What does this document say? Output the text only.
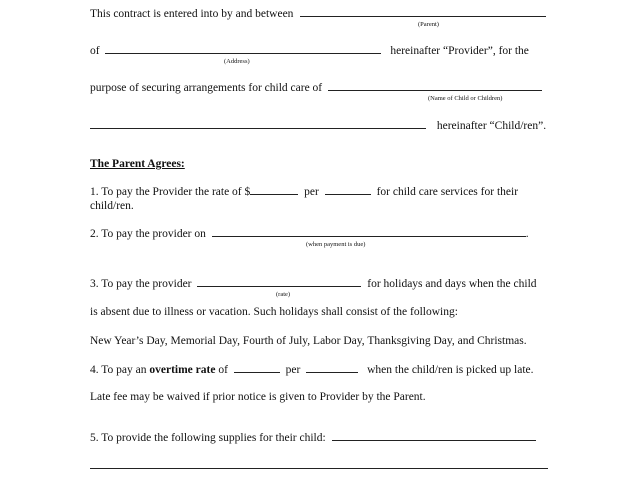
This contract is entered into by and between
(Parent)
of	hereinafter “Provider”, for the
(Address)
purpose of securing arrangements for child care of
(Name of Child or Children)
hereinafter “Child/ren”.
The Parent Agrees:
1. To pay the Provider the rate of $	per	for child care services for their
child/ren.
2. To pay the provider on	.
(when payment is due)
3. To pay the provider	for holidays and days when the child
(rate)
is absent due to illness or vacation. Such holidays shall consist of the following:
New Year’s Day, Memorial Day, Fourth of July, Labor Day, Thanksgiving Day, and Christmas.
4. To pay an overtime rate of	per	when the child/ren is picked up late.
Late fee may be waived if prior notice is given to Provider by the Parent.
5. To provide the following supplies for their child:
